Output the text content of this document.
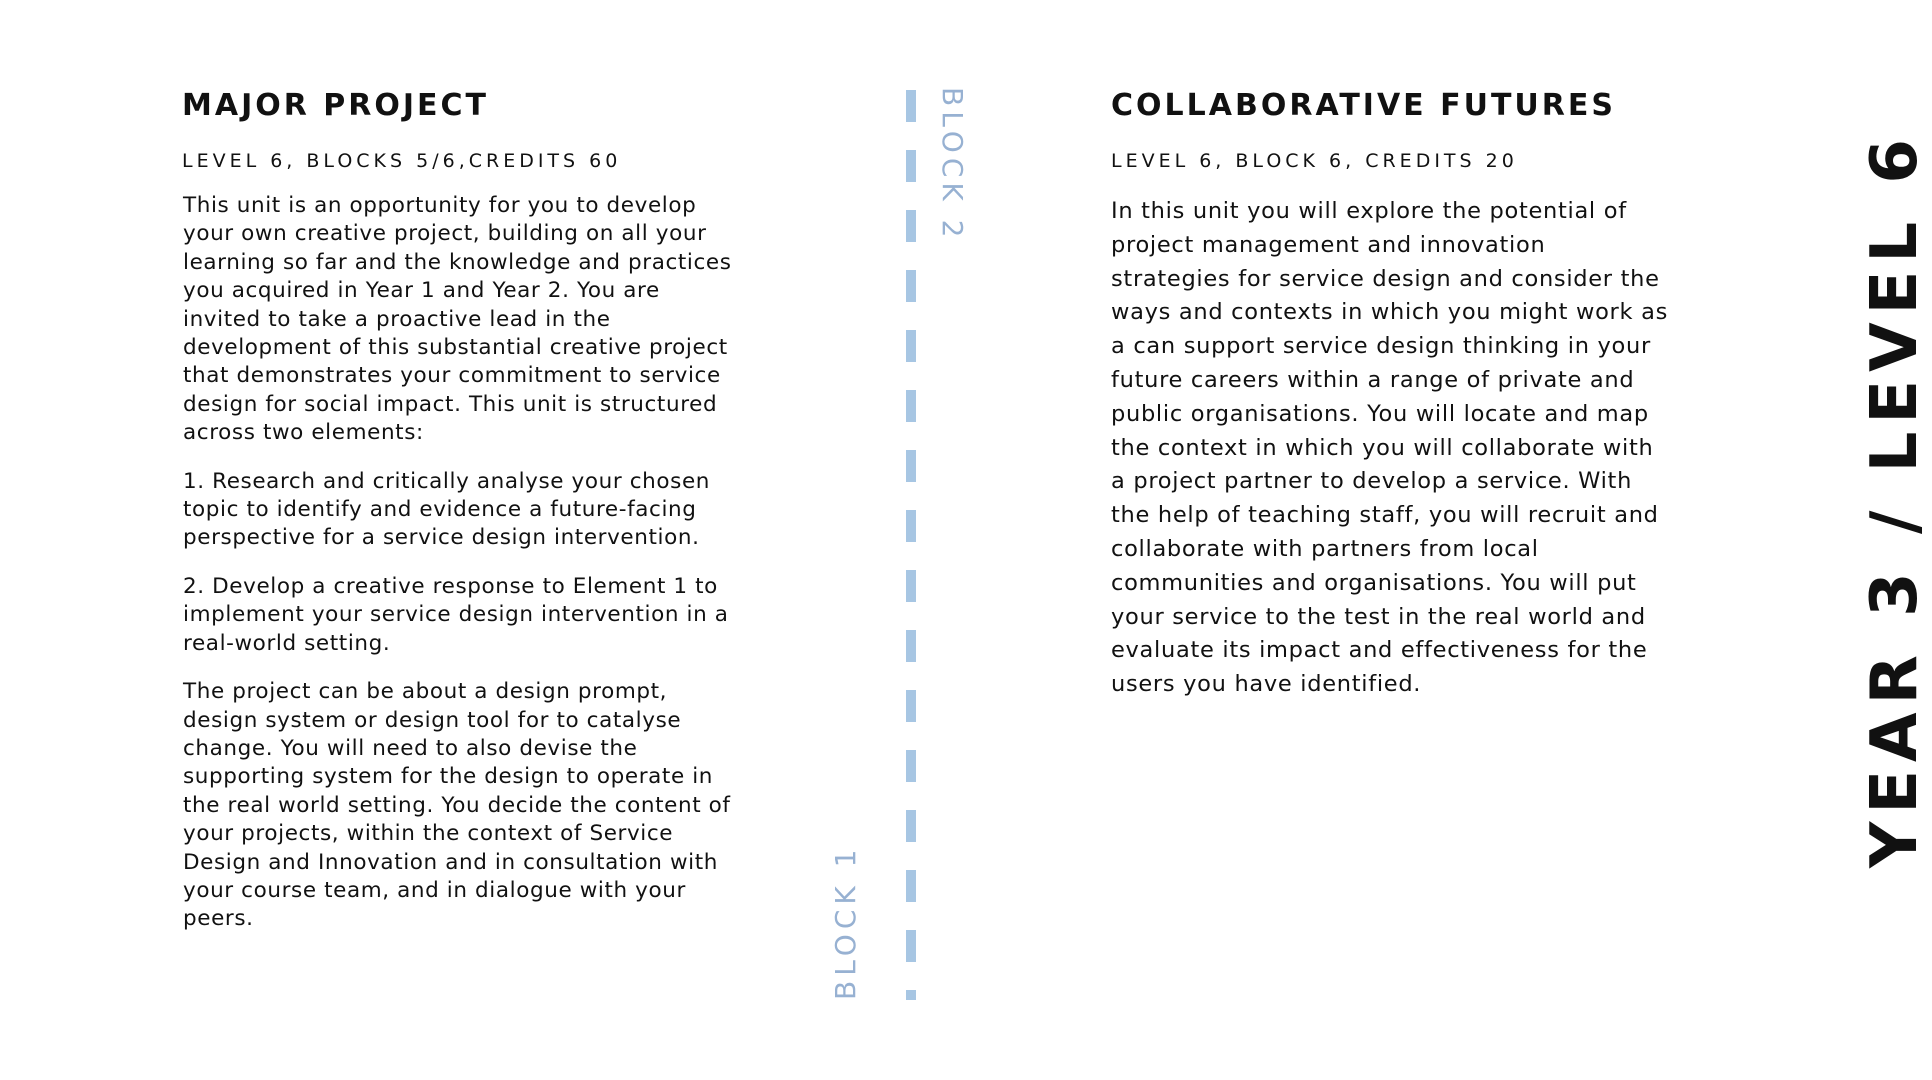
MAJOR PROJECT
LEVEL 6, BLOCKS 5/6,CREDITS 60

This unit is an opportunity for you to develop your own creative project, building on all your learning so far and the knowledge and practices you acquired in Year 1 and Year 2. You are invited to take a proactive lead in the development of this substantial creative project that demonstrates your commitment to service design for social impact. This unit is structured across two elements:

1. Research and critically analyse your chosen topic to identify and evidence a future-facing perspective for a service design intervention.

2. Develop a creative response to Element 1 to implement your service design intervention in a real-world setting.

The project can be about a design prompt, design system or design tool for to catalyse change. You will need to also devise the supporting system for the design to operate in the real world setting. You decide the content of your projects, within the context of Service Design and Innovation and in consultation with your course team, and in dialogue with your peers.	BLOCK 1
BLOCK 2	COLLABORATIVE FUTURES
LEVEL 6, BLOCK 6, CREDITS 20

In this unit you will explore the potential of project management and innovation strategies for service design and consider the ways and contexts in which you might work as a can support service design thinking in your future careers within a range of private and public organisations. You will locate and map the context in which you will collaborate with a project partner to develop a service. With the help of teaching staff, you will recruit and collaborate with partners from local communities and organisations. You will put your service to the test in the real world and evaluate its impact and effectiveness for the users you have identified.	YEAR 3 / LEVEL 6
